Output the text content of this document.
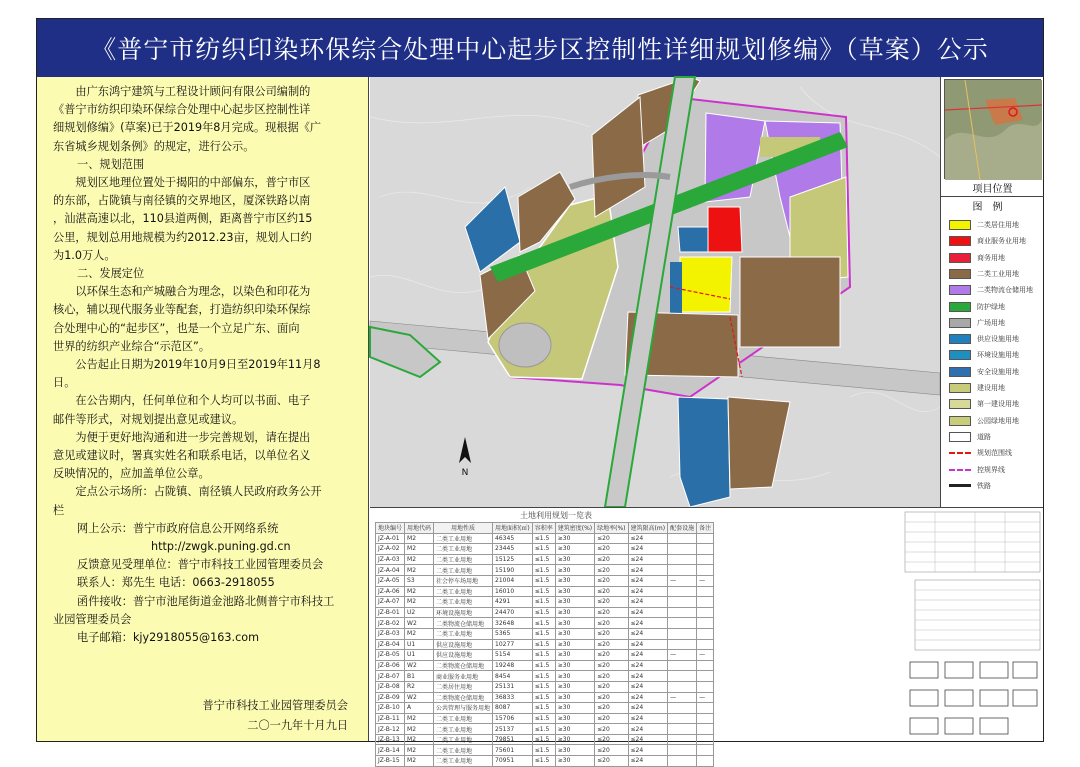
《普宁市纺织印染环保综合处理中心起步区控制性详细规划修编》（草案）公示

由广东鸿宁建筑与工程设计顾问有限公司编制的

《普宁市纺织印染环保综合处理中心起步区控制性详

细规划修编》(草案)已于2019年8月完成。现根据《广

东省城乡规划条例》的规定，进行公示。

一、规划范围

规划区地理位置处于揭阳的中部偏东，普宁市区

的东部，占陇镇与南径镇的交界地区，厦深铁路以南

，汕湛高速以北，110县道两侧，距离普宁市区约15

公里，规划总用地规模为约2012.23亩，规划人口约

为1.0万人。

二、发展定位

以环保生态和产城融合为理念，以染色和印花为

核心，辅以现代服务业等配套，打造纺织印染环保综

合处理中心的“起步区”，也是一个立足广东、面向

世界的纺织产业综合“示范区”。

公告起止日期为2019年10月9日至2019年11月8

日。

在公告期内，任何单位和个人均可以书面、电子

邮件等形式，对规划提出意见或建议。

为便于更好地沟通和进一步完善规划，请在提出

意见或建议时，署真实姓名和联系电话，以单位名义

反映情况的，应加盖单位公章。

定点公示场所：占陇镇、南径镇人民政府政务公开

栏

网上公示：普宁市政府信息公开网络系统

http://zwgk.puning.gd.cn

反馈意见受理单位：普宁市科技工业园管理委员会

联系人：郑先生 电话：0663-2918055

函件接收：普宁市池尾街道金池路北侧普宁市科技工

业园管理委员会

电子邮箱：kjy2918055@163.com

普宁市科技工业园管理委员会

二〇一九年十月九日

N
项目位置
图例
二类居住用地
商业服务业用地
商务用地
二类工业用地
二类物流仓储用地
防护绿地
广场用地
供应设施用地
环境设施用地
安全设施用地
建设用地
第一建设用地
公园绿地用地
道路
规划范围线
控规界线
铁路
土地利用规划一览表
地块编号	用地代码	用地性质	用地面积(㎡)	容积率	建筑密度(%)	绿地率(%)	建筑限高(m)	配套设施	备注
JZ-A-01	M2	二类工业用地	46345	≤1.5	≥30	≤20	≤24		
JZ-A-02	M2	二类工业用地	23445	≤1.5	≥30	≤20	≤24		
JZ-A-03	M2	二类工业用地	15125	≤1.5	≥30	≤20	≤24		
JZ-A-04	M2	二类工业用地	15190	≤1.5	≥30	≤20	≤24		
JZ-A-05	S3	社会停车场用地	21004	≤1.5	≥30	≤20	≤24	—	—
JZ-A-06	M2	二类工业用地	16010	≤1.5	≥30	≤20	≤24		
JZ-A-07	M2	二类工业用地	4291	≤1.5	≥30	≤20	≤24		
JZ-B-01	U2	环境设施用地	24470	≤1.5	≥30	≤20	≤24		
JZ-B-02	W2	二类物流仓储用地	32648	≤1.5	≥30	≤20	≤24		
JZ-B-03	M2	二类工业用地	5365	≤1.5	≥30	≤20	≤24		
JZ-B-04	U1	供应设施用地	10277	≤1.5	≥30	≤20	≤24		
JZ-B-05	U1	供应设施用地	5154	≤1.5	≥30	≤20	≤24	—	—
JZ-B-06	W2	二类物流仓储用地	19248	≤1.5	≥30	≤20	≤24		
JZ-B-07	B1	商业服务业用地	8454	≤1.5	≥30	≤20	≤24		
JZ-B-08	R2	二类居住用地	25131	≤1.5	≥30	≤20	≤24		
JZ-B-09	W2	二类物流仓储用地	36833	≤1.5	≥30	≤20	≤24	—	—
JZ-B-10	A	公共管理与服务用地	8087	≤1.5	≥30	≤20	≤24		
JZ-B-11	M2	二类工业用地	15706	≤1.5	≥30	≤20	≤24		
JZ-B-12	M2	二类工业用地	25137	≤1.5	≥30	≤20	≤24		
JZ-B-13	M2	二类工业用地	79851	≤1.5	≥30	≤20	≤24		
JZ-B-14	M2	二类工业用地	75601	≤1.5	≥30	≤20	≤24		
JZ-B-15	M2	二类工业用地	70951	≤1.5	≥30	≤20	≤24		
